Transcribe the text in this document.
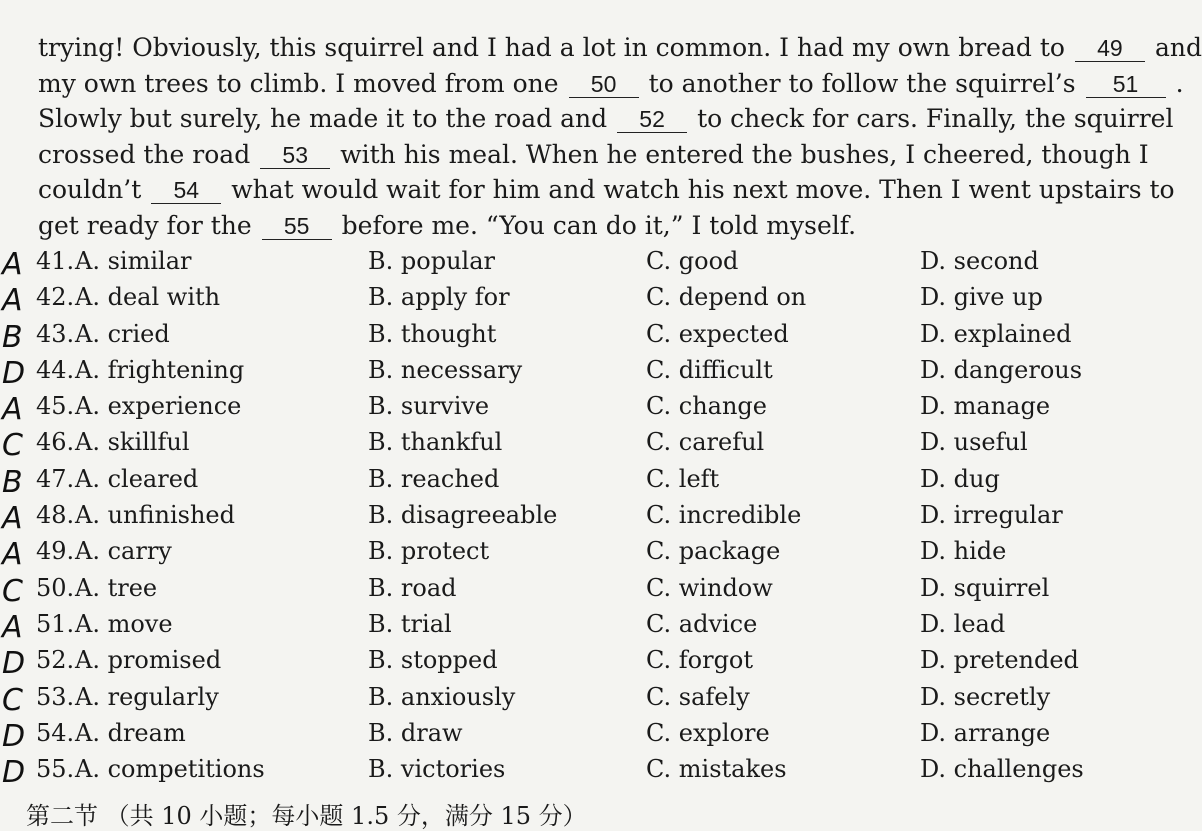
trying! Obviously, this squirrel and I had a lot in common. I had my own bread to 49 and
my own trees to climb. I moved from one 50 to another to follow the squirrel’s 51 .
Slowly but surely, he made it to the road and 52 to check for cars. Finally, the squirrel
crossed the road 53 with his meal. When he entered the bushes, I cheered, though I
couldn’t 54 what would wait for him and watch his next move. Then I went upstairs to
get ready for the 55 before me. “You can do it,” I told myself.
A 41. A. similar	B. popular	C. good	D. second
A 42. A. deal with	B. apply for	C. depend on	D. give up
B 43. A. cried	B. thought	C. expected	D. explained
D 44. A. frightening	B. necessary	C. difficult	D. dangerous
A 45. A. experience	B. survive	C. change	D. manage
C 46. A. skillful	B. thankful	C. careful	D. useful
B 47. A. cleared	B. reached	C. left	D. dug
A 48. A. unfinished	B. disagreeable	C. incredible	D. irregular
A 49. A. carry	B. protect	C. package	D. hide
C 50. A. tree	B. road	C. window	D. squirrel
A 51. A. move	B. trial	C. advice	D. lead
D 52. A. promised	B. stopped	C. forgot	D. pretended
C 53. A. regularly	B. anxiously	C. safely	D. secretly
D 54. A. dream	B. draw	C. explore	D. arrange
D 55. A. competitions	B. victories	C. mistakes	D. challenges
第二节 （共 10 小题；每小题 1.5 分，满分 15 分）
